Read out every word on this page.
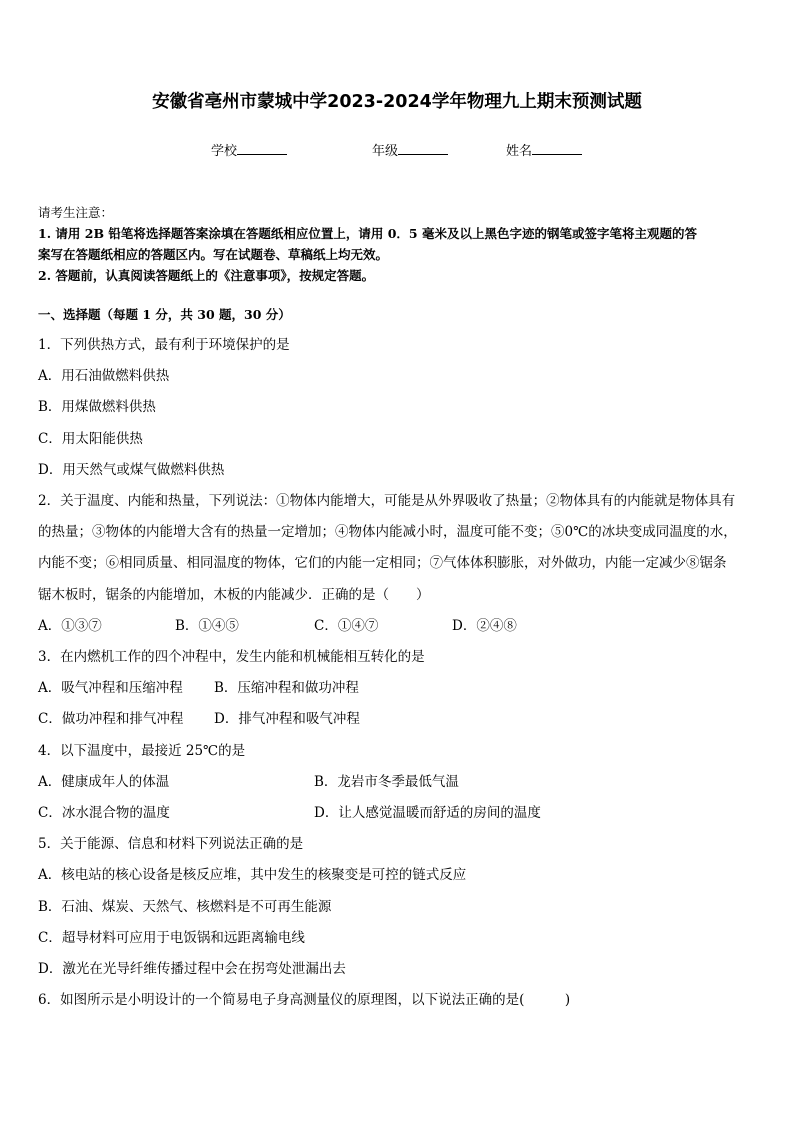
安徽省亳州市蒙城中学2023-2024学年物理九上期末预测试题
学校	年级	姓名
请考生注意：
1. 请用 2B 铅笔将选择题答案涂填在答题纸相应位置上，请用 0．5 毫米及以上黑色字迹的钢笔或签字笔将主观题的答
案写在答题纸相应的答题区内。写在试题卷、草稿纸上均无效。
2. 答题前，认真阅读答题纸上的《注意事项》，按规定答题。
一、选择题（每题 1 分，共 30 题，30 分）
1．下列供热方式，最有利于环境保护的是
A．用石油做燃料供热
B．用煤做燃料供热
C．用太阳能供热
D．用天然气或煤气做燃料供热
2．关于温度、内能和热量，下列说法：①物体内能增大，可能是从外界吸收了热量；②物体具有的内能就是物体具有
的热量；③物体的内能增大含有的热量一定增加；④物体内能减小时，温度可能不变；⑤0℃的冰块变成同温度的水，
内能不变；⑥相同质量、相同温度的物体，它们的内能一定相同；⑦气体体积膨胀，对外做功，内能一定减少⑧锯条
锯木板时，锯条的内能增加，木板的内能减少．正确的是（　　）
A．①③⑦	B．①④⑤	C．①④⑦	D．②④⑧
3．在内燃机工作的四个冲程中，发生内能和机械能相互转化的是
A．吸气冲程和压缩冲程 B．压缩冲程和做功冲程
C．做功冲程和排气冲程 D．排气冲程和吸气冲程
4．以下温度中，最接近 25℃的是
A．健康成年人的体温	B．龙岩市冬季最低气温
C．冰水混合物的温度	D．让人感觉温暖而舒适的房间的温度
5．关于能源、信息和材料下列说法正确的是
A．核电站的核心设备是核反应堆，其中发生的核聚变是可控的链式反应
B．石油、煤炭、天然气、核燃料是不可再生能源
C．超导材料可应用于电饭锅和远距离输电线
D．激光在光导纤维传播过程中会在拐弯处泄漏出去
6．如图所示是小明设计的一个简易电子身高测量仪的原理图，以下说法正确的是(　　　)
